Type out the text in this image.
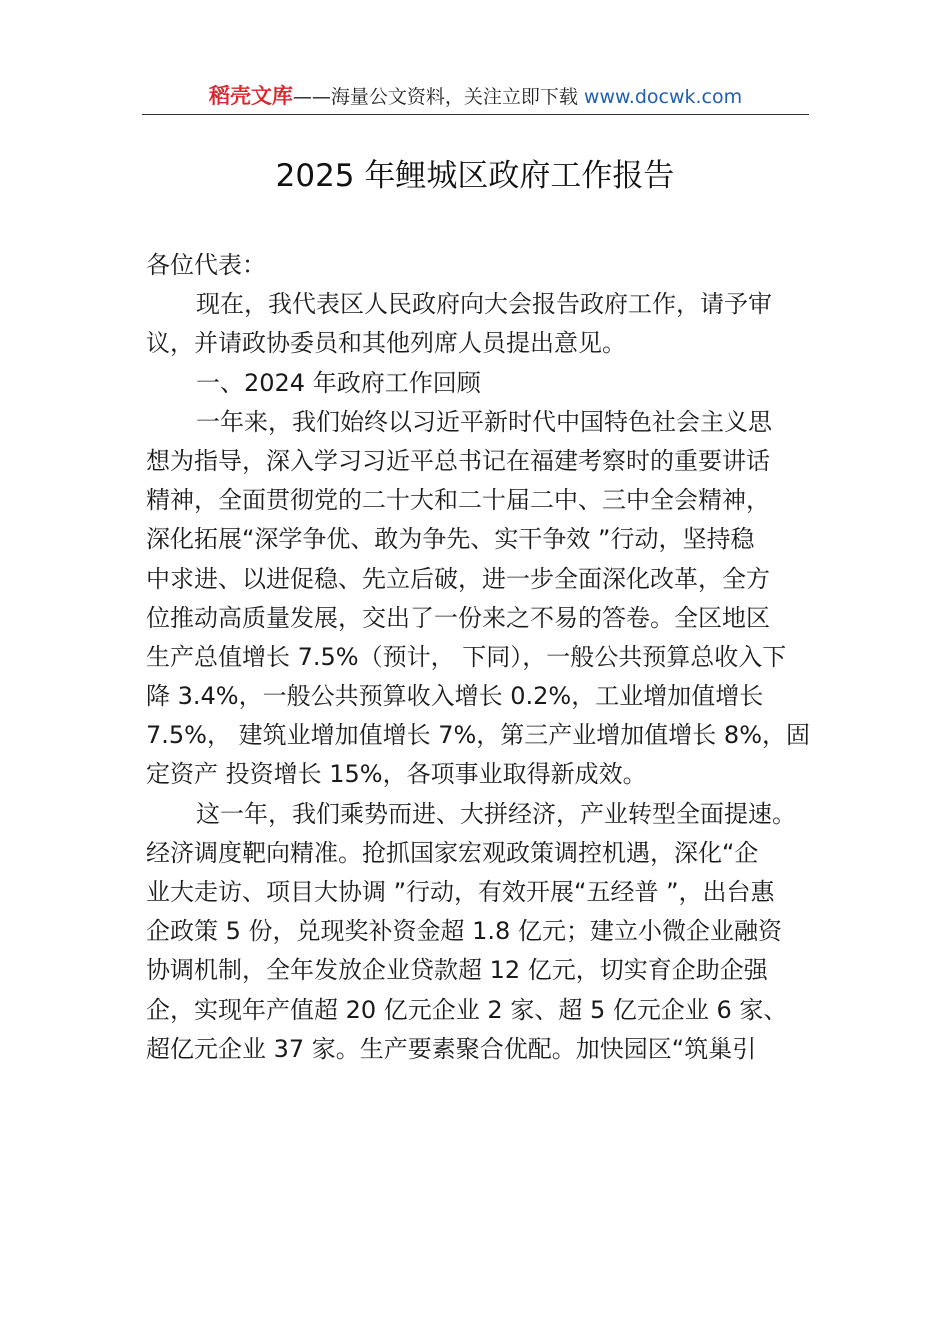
稻壳文库——海量公文资料，关注立即下载 www.docwk.com
2025 年鲤城区政府工作报告
各位代表：
现在，我代表区人民政府向大会报告政府工作，请予审
议，并请政协委员和其他列席人员提出意见。
一、2024 年政府工作回顾
一年来，我们始终以习近平新时代中国特色社会主义思
想为指导，深入学习习近平总书记在福建考察时的重要讲话
精神，全面贯彻党的二十大和二十届二中、三中全会精神，
深化拓展“深学争优、敢为争先、实干争效 ”行动，坚持稳
中求进、以进促稳、先立后破，进一步全面深化改革，全方
位推动高质量发展，交出了一份来之不易的答卷。全区地区
生产总值增长 7.5%（预计， 下同），一般公共预算总收入下
降 3.4%，一般公共预算收入增长 0.2%，工业增加值增长
7.5%， 建筑业增加值增长 7%，第三产业增加值增长 8%，固
定资产 投资增长 15%，各项事业取得新成效。
这一年，我们乘势而进、大拼经济，产业转型全面提速。
经济调度靶向精准。抢抓国家宏观政策调控机遇，深化“企
业大走访、项目大协调 ”行动，有效开展“五经普 ”，出台惠
企政策 5 份，兑现奖补资金超 1.8 亿元；建立小微企业融资
协调机制，全年发放企业贷款超 12 亿元，切实育企助企强
企，实现年产值超 20 亿元企业 2 家、超 5 亿元企业 6 家、
超亿元企业 37 家。生产要素聚合优配。加快园区“筑巢引
